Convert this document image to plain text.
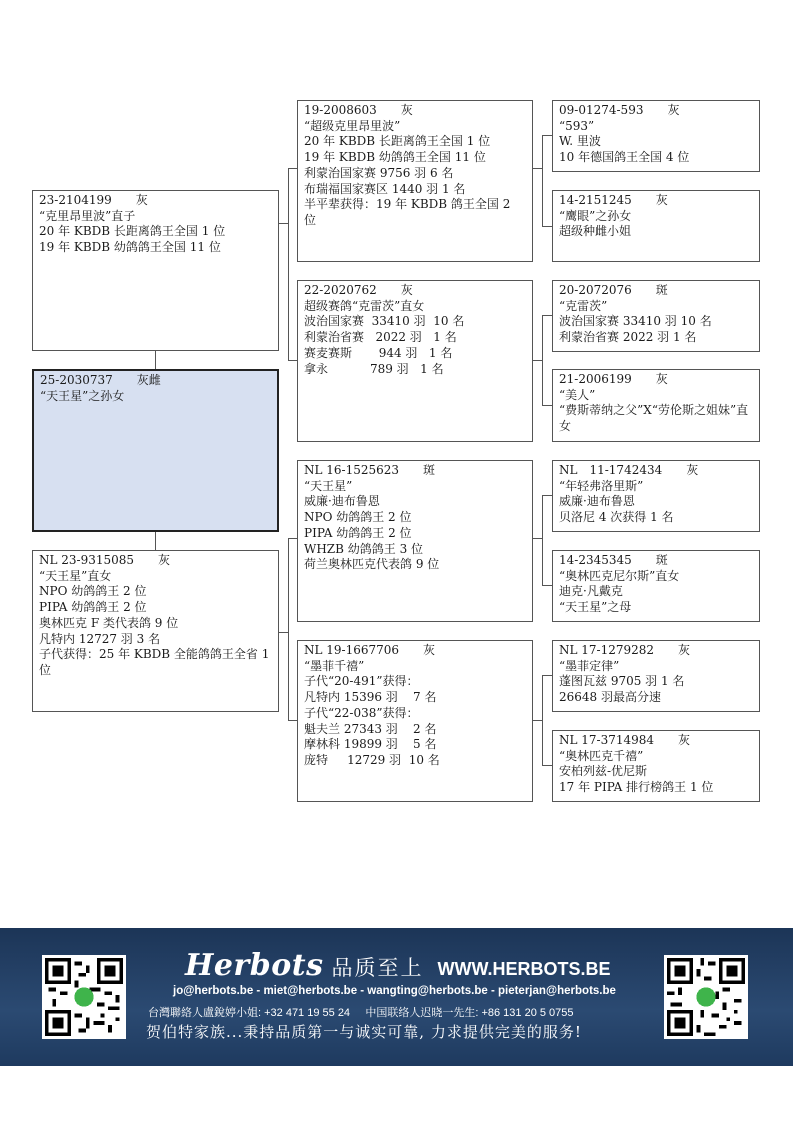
23-2104199　　灰
“克里昂里波”直子
20 年 KBDB 长距离鸽王全国 1 位
19 年 KBDB 幼鸽鸽王全国 11 位
25-2030737　　灰雌
“天王星”之孙女
NL 23-9315085　　灰
“天王星”直女
NPO 幼鸽鸽王 2 位
PIPA 幼鸽鸽王 2 位
奥林匹克 F 类代表鸽 9 位
凡特内 12727 羽 3 名
子代获得：25 年 KBDB 全能鸽鸽王全省 1 位
19-2008603　　灰
“超级克里昂里波”
20 年 KBDB 长距离鸽王全国 1 位
19 年 KBDB 幼鸽鸽王全国 11 位
利蒙治国家赛 9756 羽 6 名
布瑞福国家赛区 1440 羽 1 名
半平辈获得：19 年 KBDB 鸽王全国 2 位
22-2020762　　灰
超级赛鸽“克雷茨”直女
波治国家赛  33410 羽  10 名
利蒙治省赛   2022 羽   1 名
赛麦赛斯       944 羽   1 名
拿永           789 羽   1 名
NL 16-1525623　　斑
“天王星”
威廉·迪布鲁恩
NPO 幼鸽鸽王 2 位
PIPA 幼鸽鸽王 2 位
WHZB 幼鸽鸽王 3 位
荷兰奥林匹克代表鸽 9 位
NL 19-1667706　　灰
“墨菲千禧”
子代“20-491”获得：
凡特内 15396 羽    7 名
子代“22-038”获得：
魁夫兰 27343 羽    2 名
摩林科 19899 羽    5 名
庞特     12729 羽  10 名
09-01274-593　　灰
“593”
W. 里波
10 年德国鸽王全国 4 位
14-2151245　　灰
“鹰眼”之孙女
超级种雌小姐
20-2072076　　斑
“克雷茨”
波治国家赛 33410 羽 10 名
利蒙治省赛 2022 羽 1 名
21-2006199　　灰
“美人”
“费斯蒂纳之父”X“劳伦斯之姐妹”直女
NL　11-1742434　　灰
“年轻弗洛里斯”
威廉·迪布鲁恩
贝洛尼 4 次获得 1 名
14-2345345　　斑
“奥林匹克尼尔斯”直女
迪克·凡戴克
“天王星”之母
NL 17-1279282　　灰
“墨菲定律”
蓬图瓦兹 9705 羽 1 名
26648 羽最高分速
NL 17-3714984　　灰
“奥林匹克千禧”
安柏列兹-优尼斯
17 年 PIPA 排行榜鸽王 1 位
Herbots 品质至上 WWW.HERBOTS.BE
jo@herbots.be - miet@herbots.be - wangting@herbots.be - pieterjan@herbots.be
台灣聯絡人盧銳婷小姐: +32 471 19 55 24     中国联络人迟晓一先生: +86 131 20 5 0755
贺伯特家族...秉持品质第一与诚实可靠, 力求提供完美的服务!
